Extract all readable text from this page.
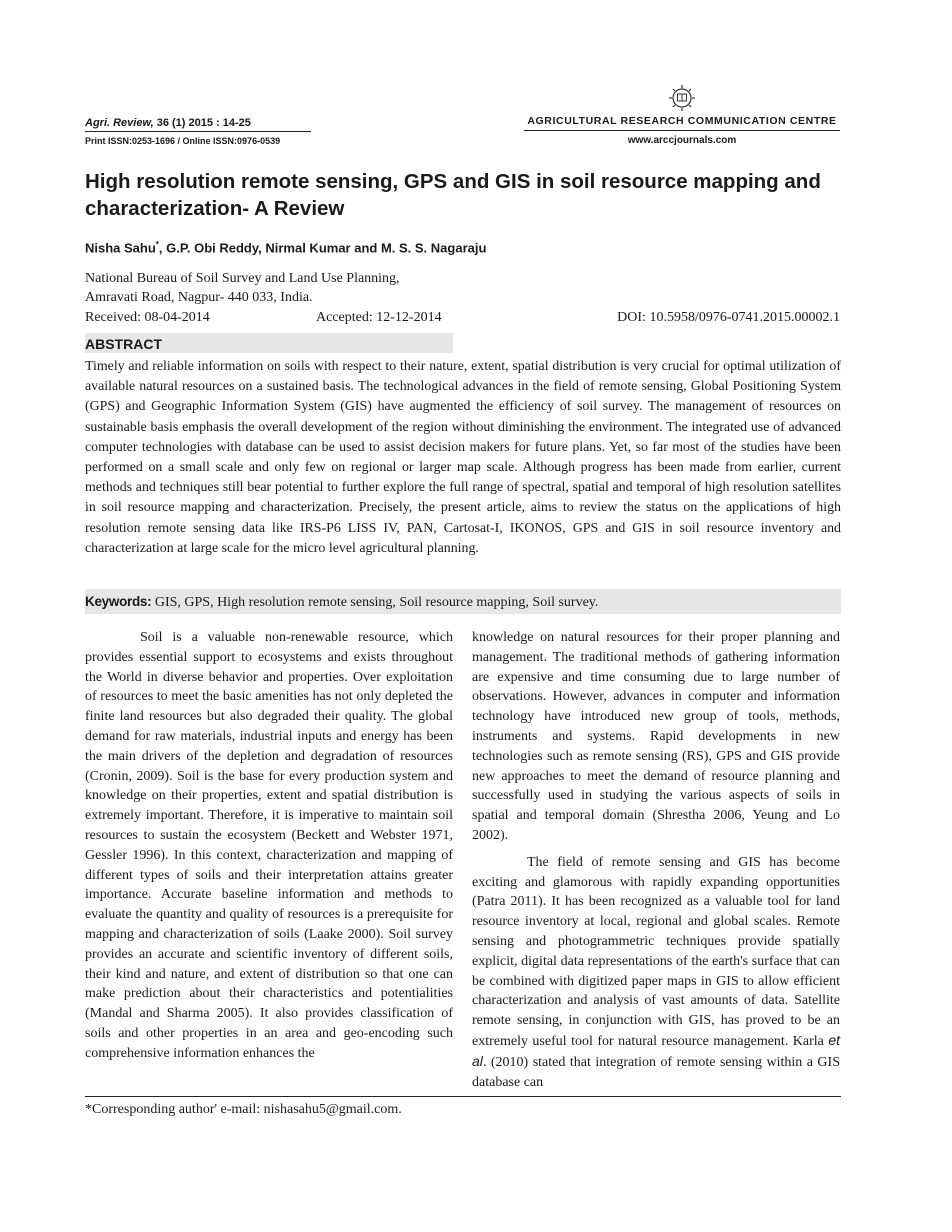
Agri. Review, 36 (1) 2015 : 14-25
Print ISSN:0253-1696 / Online ISSN:0976-0539
AGRICULTURAL RESEARCH COMMUNICATION CENTRE
www.arccjournals.com
High resolution remote sensing, GPS and GIS in soil resource mapping and characterization- A Review
Nisha Sahu*, G.P. Obi Reddy, Nirmal Kumar and M. S. S. Nagaraju
National Bureau of Soil Survey and Land Use Planning,
Amravati Road, Nagpur- 440 033, India.
Received: 08-04-2014	Accepted: 12-12-2014	DOI: 10.5958/0976-0741.2015.00002.1
ABSTRACT
Timely and reliable information on soils with respect to their nature, extent, spatial distribution is very crucial for optimal utilization of available natural resources on a sustained basis. The technological advances in the field of remote sensing, Global Positioning System (GPS) and Geographic Information System (GIS) have augmented the efficiency of soil survey. The management of resources on sustainable basis emphasis the overall development of the region without diminishing the environment. The integrated use of advanced computer technologies with database can be used to assist decision makers for future plans. Yet, so far most of the studies have been performed on a small scale and only few on regional or larger map scale. Although progress has been made from earlier, current methods and techniques still bear potential to further explore the full range of spectral, spatial and temporal of high resolution satellites in soil resource mapping and characterization. Precisely, the present article, aims to review the status on the applications of high resolution remote sensing data like IRS-P6 LISS IV, PAN, Cartosat-I, IKONOS, GPS and GIS in soil resource inventory and characterization at large scale for the micro level agricultural planning.
Keywords: GIS, GPS, High resolution remote sensing, Soil resource mapping, Soil survey.

Soil is a valuable non-renewable resource, which provides essential support to ecosystems and exists throughout the World in diverse behavior and properties. Over exploitation of resources to meet the basic amenities has not only depleted the finite land resources but also degraded their quality. The global demand for raw materials, industrial inputs and energy has been the main drivers of the depletion and degradation of resources (Cronin, 2009). Soil is the base for every production system and knowledge on their properties, extent and spatial distribution is extremely important. Therefore, it is imperative to maintain soil resources to sustain the ecosystem (Beckett and Webster 1971, Gessler 1996). In this context, characterization and mapping of different types of soils and their interpretation attains greater importance. Accurate baseline information and methods to evaluate the quantity and quality of resources is a prerequisite for mapping and characterization of soils (Laake 2000). Soil survey provides an accurate and scientific inventory of different soils, their kind and nature, and extent of distribution so that one can make prediction about their characteristics and potentialities (Mandal and Sharma 2005). It also provides classification of soils and other properties in an area and geo-encoding such comprehensive information enhances the

knowledge on natural resources for their proper planning and management. The traditional methods of gathering information are expensive and time consuming due to large number of observations. However, advances in computer and information technology have introduced new group of tools, methods, instruments and systems. Rapid developments in new technologies such as remote sensing (RS), GPS and GIS provide new approaches to meet the demand of resource planning and successfully used in studying the various aspects of soils in spatial and temporal domain (Shrestha 2006, Yeung and Lo 2002).

The field of remote sensing and GIS has become exciting and glamorous with rapidly expanding opportunities (Patra 2011). It has been recognized as a valuable tool for land resource inventory at local, regional and global scales. Remote sensing and photogrammetric techniques provide spatially explicit, digital data representations of the earth's surface that can be combined with digitized paper maps in GIS to allow efficient characterization and analysis of vast amounts of data. Satellite remote sensing, in conjunction with GIS, has proved to be an extremely useful tool for natural resource management. Karla et al. (2010) stated that integration of remote sensing within a GIS database can

*Corresponding author' e-mail: nishasahu5@gmail.com.
